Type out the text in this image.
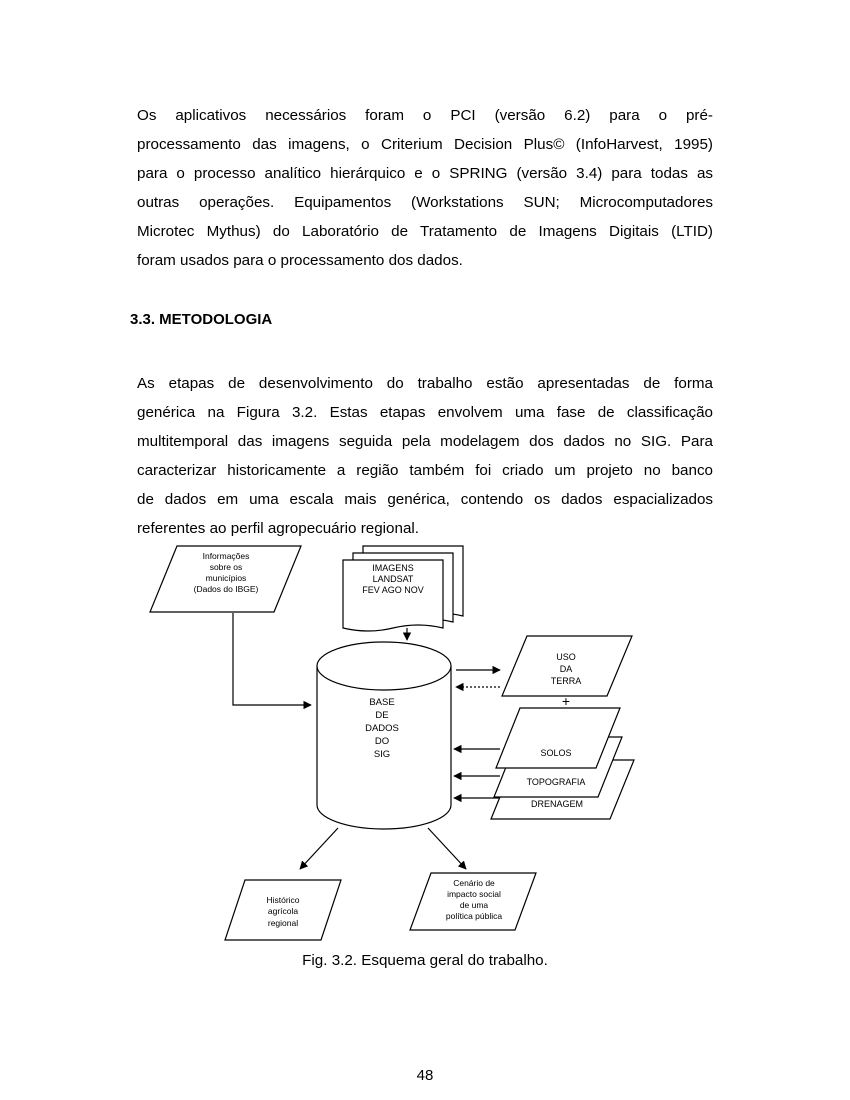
Os aplicativos necessários foram o PCI (versão 6.2) para o pré-
processamento das imagens, o Criterium Decision Plus© (InfoHarvest, 1995)
para o processo analítico hierárquico e o SPRING (versão 3.4) para todas as
outras operações. Equipamentos (Workstations SUN; Microcomputadores
Microtec Mythus) do Laboratório de Tratamento de Imagens Digitais (LTID)
foram usados para o processamento dos dados.

3.3. METODOLOGIA

As etapas de desenvolvimento do trabalho estão apresentadas de forma
genérica na Figura 3.2. Estas etapas envolvem uma fase de classificação
multitemporal das imagens seguida pela modelagem dos dados no SIG. Para
caracterizar historicamente a região também foi criado um projeto no banco
de dados em uma escala mais genérica, contendo os dados espacializados
referentes ao perfil agropecuário regional.
Informações
sobre os
municípios
(Dados do IBGE)
IMAGENS
LANDSAT
FEV AGO NOV
BASE
DE
DADOS
DO
SIG
USO
DA
TERRA
+
SOLOS
TOPOGRAFIA
DRENAGEM
Histórico
agrícola
regional
Cenário de
impacto social
de uma
política pública

Fig. 3.2. Esquema geral do trabalho.

48
